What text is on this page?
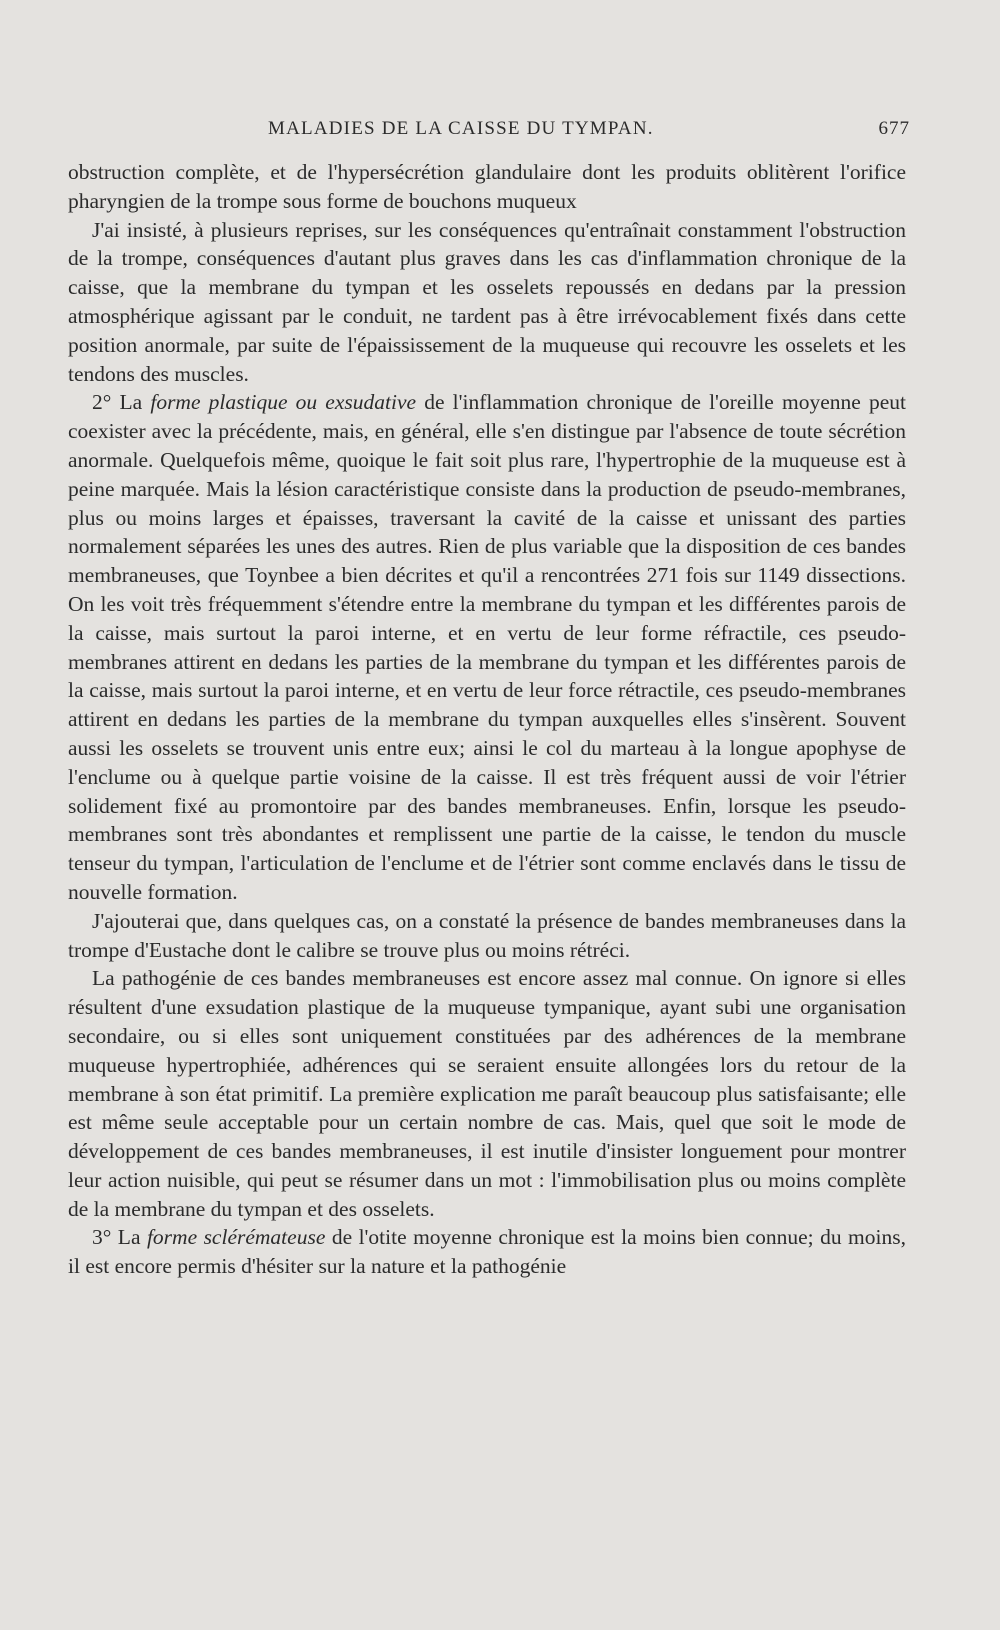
MALADIES DE LA CAISSE DU TYMPAN.	677

obstruction complète, et de l'hypersécrétion glandulaire dont les produits oblitèrent l'orifice pharyngien de la trompe sous forme de bouchons muqueux

J'ai insisté, à plusieurs reprises, sur les conséquences qu'entraînait constamment l'obstruction de la trompe, conséquences d'autant plus graves dans les cas d'inflammation chronique de la caisse, que la membrane du tympan et les osselets repoussés en dedans par la pression atmosphérique agissant par le conduit, ne tardent pas à être irrévocablement fixés dans cette position anormale, par suite de l'épaississement de la muqueuse qui recouvre les osselets et les tendons des muscles.

2° La forme plastique ou exsudative de l'inflammation chronique de l'oreille moyenne peut coexister avec la précédente, mais, en général, elle s'en distingue par l'absence de toute sécrétion anormale. Quelquefois même, quoique le fait soit plus rare, l'hypertrophie de la muqueuse est à peine marquée. Mais la lésion caractéristique consiste dans la production de pseudo-membranes, plus ou moins larges et épaisses, traversant la cavité de la caisse et unissant des parties normalement séparées les unes des autres. Rien de plus variable que la disposition de ces bandes membraneuses, que Toynbee a bien décrites et qu'il a rencontrées 271 fois sur 1149 dissections. On les voit très fréquemment s'étendre entre la membrane du tympan et les différentes parois de la caisse, mais surtout la paroi interne, et en vertu de leur forme réfractile, ces pseudo-membranes attirent en dedans les parties de la membrane du tympan et les différentes parois de la caisse, mais surtout la paroi interne, et en vertu de leur force rétractile, ces pseudo-membranes attirent en dedans les parties de la membrane du tympan auxquelles elles s'insèrent. Souvent aussi les osselets se trouvent unis entre eux; ainsi le col du marteau à la longue apophyse de l'enclume ou à quelque partie voisine de la caisse. Il est très fréquent aussi de voir l'étrier solidement fixé au promontoire par des bandes membraneuses. Enfin, lorsque les pseudo-membranes sont très abondantes et remplissent une partie de la caisse, le tendon du muscle tenseur du tympan, l'articulation de l'enclume et de l'étrier sont comme enclavés dans le tissu de nouvelle formation.

J'ajouterai que, dans quelques cas, on a constaté la présence de bandes membraneuses dans la trompe d'Eustache dont le calibre se trouve plus ou moins rétréci.

La pathogénie de ces bandes membraneuses est encore assez mal connue. On ignore si elles résultent d'une exsudation plastique de la muqueuse tympanique, ayant subi une organisation secondaire, ou si elles sont uniquement constituées par des adhérences de la membrane muqueuse hypertrophiée, adhérences qui se seraient ensuite allongées lors du retour de la membrane à son état primitif. La première explication me paraît beaucoup plus satisfaisante; elle est même seule acceptable pour un certain nombre de cas. Mais, quel que soit le mode de développement de ces bandes membraneuses, il est inutile d'insister longuement pour montrer leur action nuisible, qui peut se résumer dans un mot : l'immobilisation plus ou moins complète de la membrane du tympan et des osselets.

3° La forme sclérémateuse de l'otite moyenne chronique est la moins bien connue; du moins, il est encore permis d'hésiter sur la nature et la pathogénie
